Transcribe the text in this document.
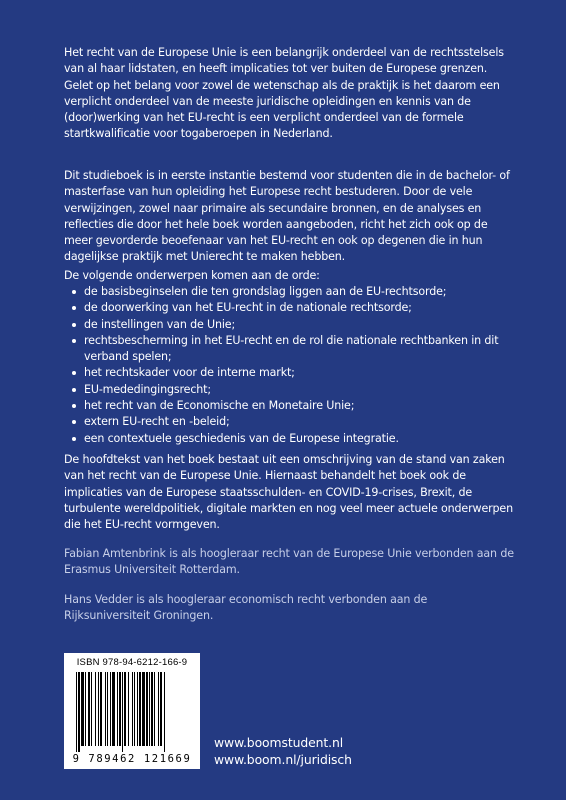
Het recht van de Europese Unie is een belangrijk onderdeel van de rechtsstelsels van al haar lidstaten, en heeft implicaties tot ver buiten de Europese grenzen. Gelet op het belang voor zowel de wetenschap als de praktijk is het daarom een verplicht onderdeel van de meeste juridische opleidingen en kennis van de (door)werking van het EU-recht is een verplicht onderdeel van de formele startkwalificatie voor togaberoepen in Nederland.

Dit studieboek is in eerste instantie bestemd voor studenten die in de bachelor- of masterfase van hun opleiding het Europese recht bestuderen. Door de vele verwijzingen, zowel naar primaire als secundaire bronnen, en de analyses en reflecties die door het hele boek worden aangeboden, richt het zich ook op de meer gevorderde beoefenaar van het EU-recht en ook op degenen die in hun dagelijkse praktijk met Unierecht te maken hebben.

De volgende onderwerpen komen aan de orde:

de basisbeginselen die ten grondslag liggen aan de EU-rechtsorde;
de doorwerking van het EU-recht in de nationale rechtsorde;
de instellingen van de Unie;
rechtsbescherming in het EU-recht en de rol die nationale rechtbanken in dit verband spelen;
het rechtskader voor de interne markt;
EU-mededingingsrecht;
het recht van de Economische en Monetaire Unie;
extern EU-recht en -beleid;
een contextuele geschiedenis van de Europese integratie.

De hoofdtekst van het boek bestaat uit een omschrijving van de stand van zaken van het recht van de Europese Unie. Hiernaast behandelt het boek ook de implicaties van de Europese staatsschulden- en COVID-19-crises, Brexit, de turbulente wereldpolitiek, digitale markten en nog veel meer actuele onderwerpen die het EU-recht vormgeven.

Fabian Amtenbrink is als hoogleraar recht van de Europese Unie verbonden aan de Erasmus Universiteit Rotterdam.

Hans Vedder is als hoogleraar economisch recht verbonden aan de Rijksuniversiteit Groningen.

ISBN 978-94-6212-166-9
9 789462 121669
www.boomstudent.nl
www.boom.nl/juridisch
